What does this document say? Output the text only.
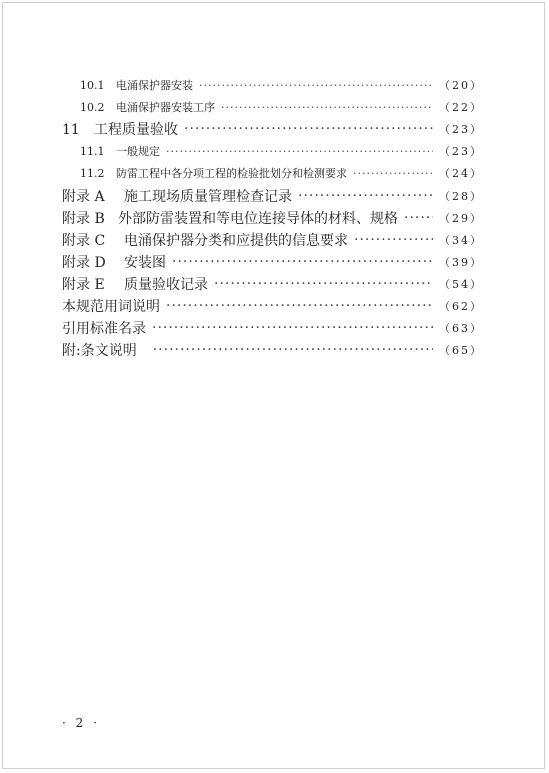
10.1 电涌保护器安装 ·····	（20）
10.2 电涌保护器安装工序 ·····	（22）
11 工程质量验收 ·····	（23）
11.1 一般规定 ·····	（23）
11.2 防雷工程中各分项工程的检验批划分和检测要求 ·····	（24）
附录 A 施工现场质量管理检查记录 ·····	（28）
附录 B 外部防雷装置和等电位连接导体的材料、规格 ·····	（29）
附录 C 电涌保护器分类和应提供的信息要求 ·····	（34）
附录 D 安装图 ·····	（39）
附录 E 质量验收记录 ·····	（54）
本规范用词说明 ·····	（62）
引用标准名录 ·····	（63）
附:条文说明 ·····	（65）
· 2 ·
